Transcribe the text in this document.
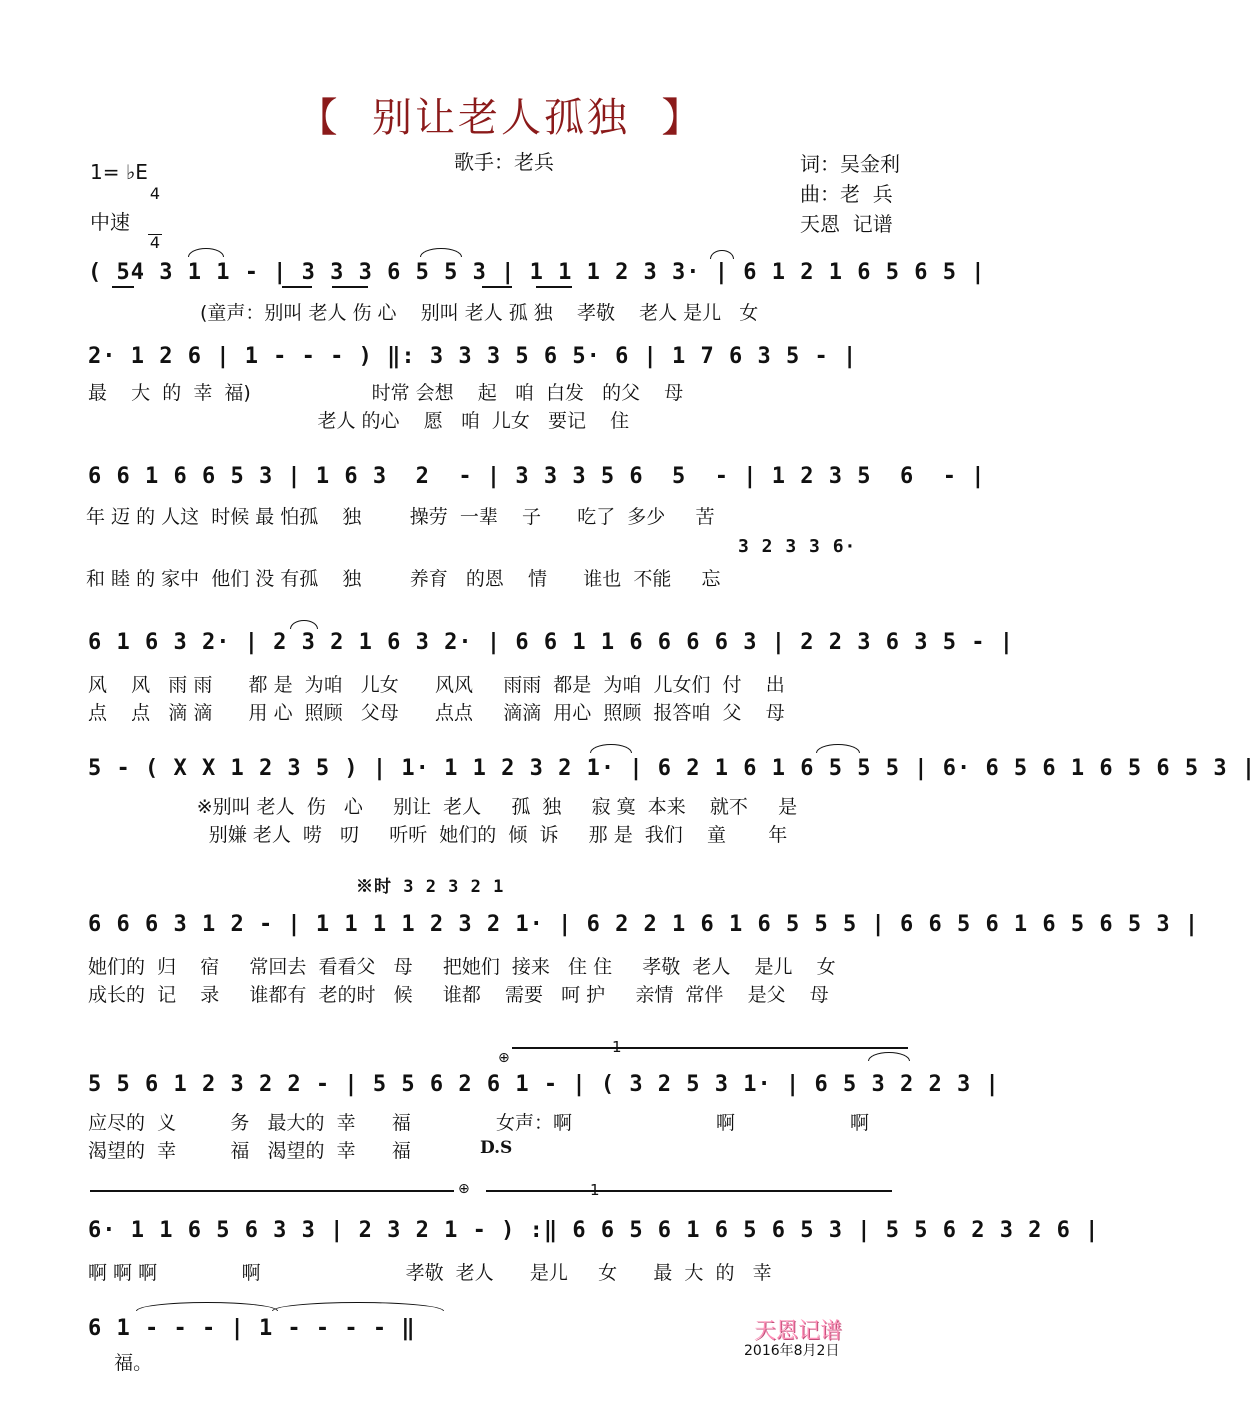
【  别让老人孤独  】
1= ♭E

4

4

中速
歌手：老兵	词：吴金利
曲：老  兵
天恩  记谱
( 54 3 1 1 - | 3 3 3 6 5 5 3 | 1 1 1 2 3 3· | 6 1 2 1 6 5 6 5 |
(童声：别叫 老人 伤 心    别叫 老人 孤 独    孝敬    老人 是儿   女
2· 1 2 6 | 1 - - - ) ‖: 3 3 3 5 6 5· 6 | 1 7 6 3 5 - |
最    大  的  幸  福)                    时常 会想    起   咱  白发   的父    母
老人 的心    愿   咱  儿女   要记    住
6 6 1 6 6 5 3 | 1 6 3  2  - | 3 3 3 5 6  5  - | 1 2 3 5  6  - |
年 迈 的 人这  时候 最 怕孤    独        操劳  一辈    子      吃了  多少     苦
3 2 3 3 6·
和 睦 的 家中  他们 没 有孤    独        养育   的恩    情      谁也  不能     忘
6 1 6 3 2· | 2 3 2 1 6 3 2· | 6 6 1 1 6 6 6 6 3 | 2 2 3 6 3 5 - |
风    风   雨 雨      都 是  为咱   儿女      风风     雨雨  都是  为咱  儿女们  付    出
点    点   滴 滴      用 心  照顾   父母      点点     滴滴  用心  照顾  报答咱  父    母
5 - ( X X 1 2 3 5 ) | 1· 1 1 2 3 2 1· | 6 2 1 6 1 6 5 5 5 | 6· 6 5 6 1 6 5 6 5 3 |
※别叫 老人  伤   心     别让  老人     孤  独     寂 寞  本来    就不     是
别嫌 老人  唠   叨     听听  她们的  倾  诉     那 是  我们    童       年
※时 3 2 3 2 1
6 6 6 3 1 2 - | 1 1 1 1 2 3 2 1· | 6 2 2 1 6 1 6 5 5 5 | 6 6 5 6 1 6 5 6 5 3 |
她们的  归    宿     常回去  看看父   母     把她们  接来   住 住     孝敬  老人    是儿    女
成长的  记    录     谁都有  老的时   候     谁都    需要   呵 护     亲情  常伴    是父    母
⊕
1
5 5 6 1 2 3 2 2 - | 5 5 6 2 6 1 - | ( 3 2 5 3 1· | 6 5 3 2 2 3 |
应尽的  义         务   最大的  幸      福
渴望的  幸         福   渴望的  幸      福
女声：啊	啊	啊
D.S
⊕	1
6· 1 1 6 5 6 3 3 | 2 3 2 1 - ) :‖ 6 6 5 6 1 6 5 6 5 3 | 5 5 6 2 3 2 6 |
啊 啊 啊              啊                        孝敬  老人      是儿     女      最  大  的   幸
6 1 - - - | 1 - - - - ‖
福。
天恩记谱
2016年8月2日
